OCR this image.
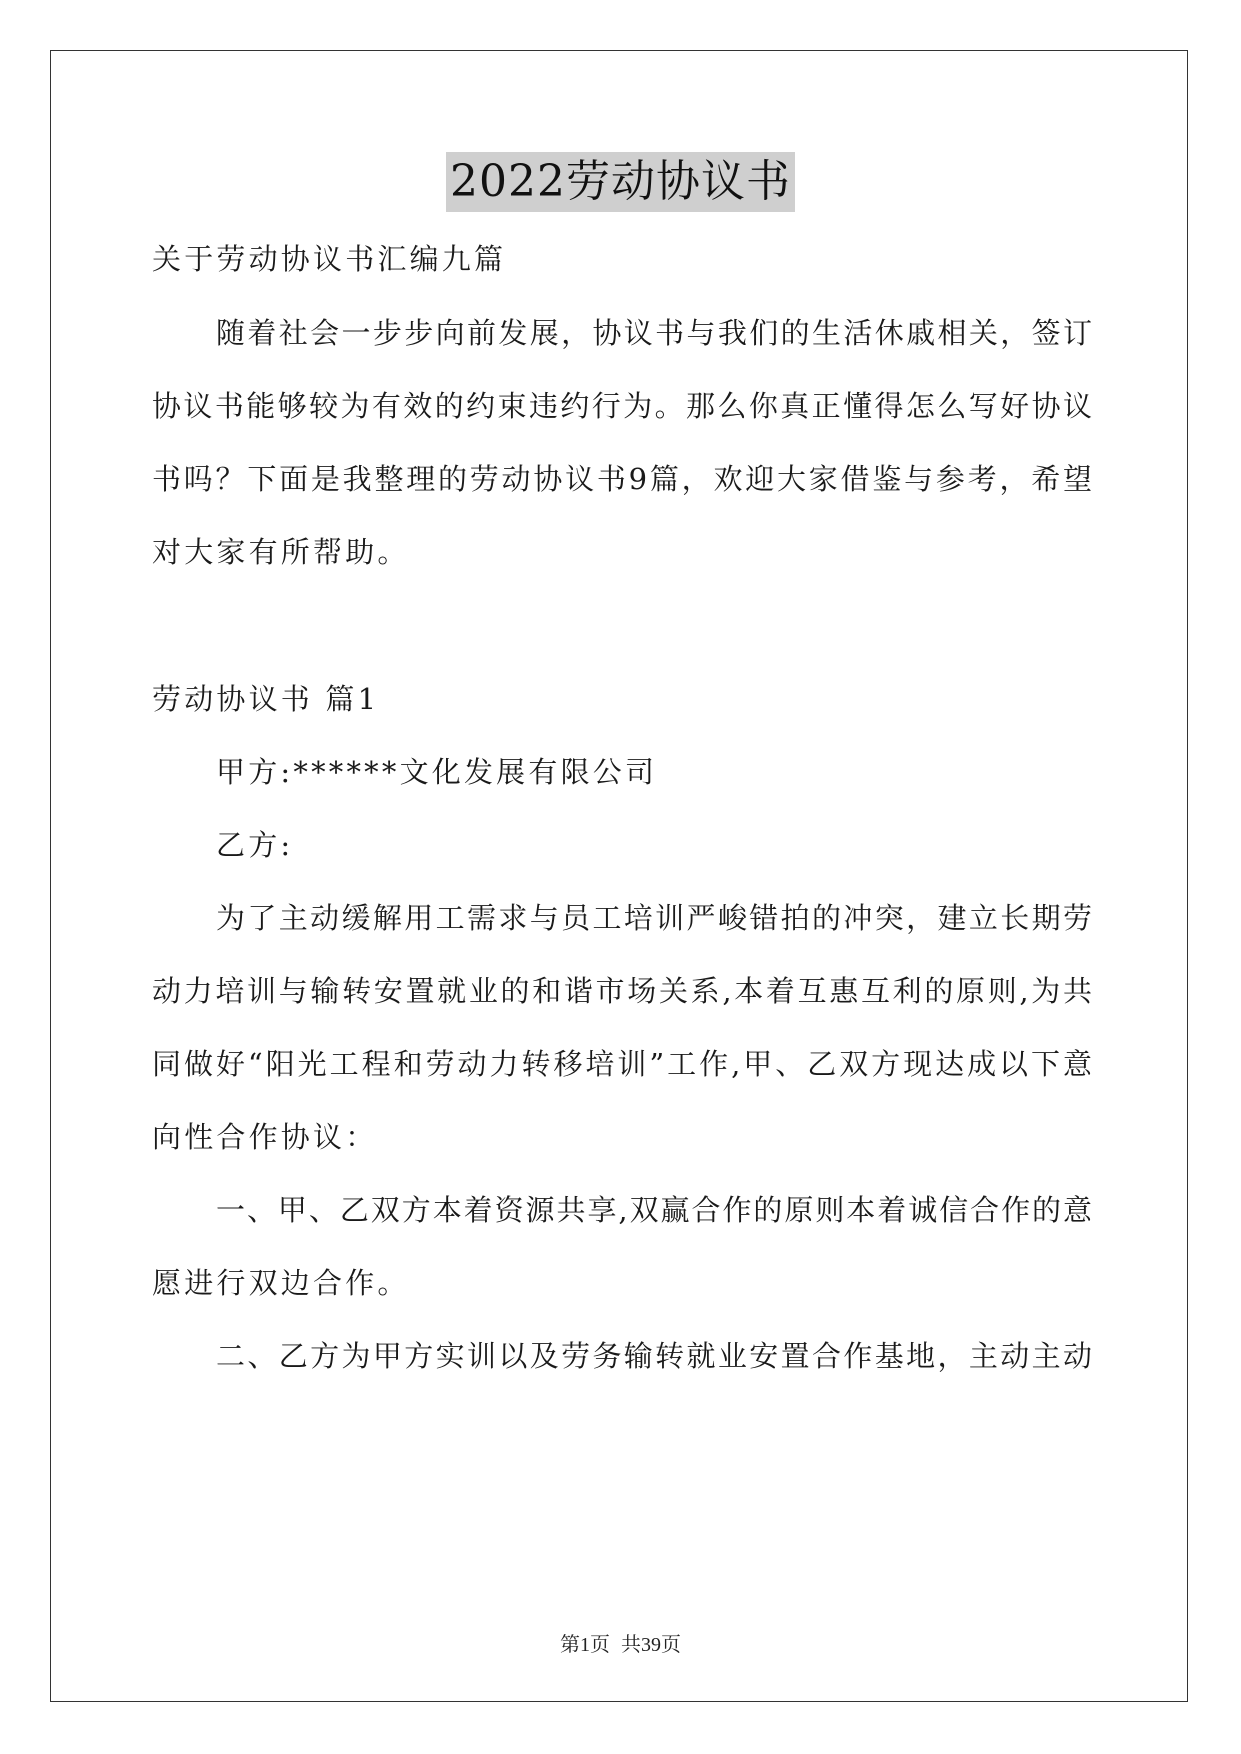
2022劳动协议书
关于劳动协议书汇编九篇
随着社会一步步向前发展，协议书与我们的生活休戚相关，签订
协议书能够较为有效的约束违约行为。那么你真正懂得怎么写好协议
书吗？下面是我整理的劳动协议书9篇，欢迎大家借鉴与参考，希望
对大家有所帮助。
劳动协议书 篇1
甲方:******文化发展有限公司
乙方:
为了主动缓解用工需求与员工培训严峻错拍的冲突，建立长期劳
动力培训与输转安置就业的和谐市场关系,本着互惠互利的原则,为共
同做好“阳光工程和劳动力转移培训”工作,甲、乙双方现达成以下意
向性合作协议：
一、甲、乙双方本着资源共享,双赢合作的原则本着诚信合作的意
愿进行双边合作。
二、乙方为甲方实训以及劳务输转就业安置合作基地，主动主动
第1页 共39页
